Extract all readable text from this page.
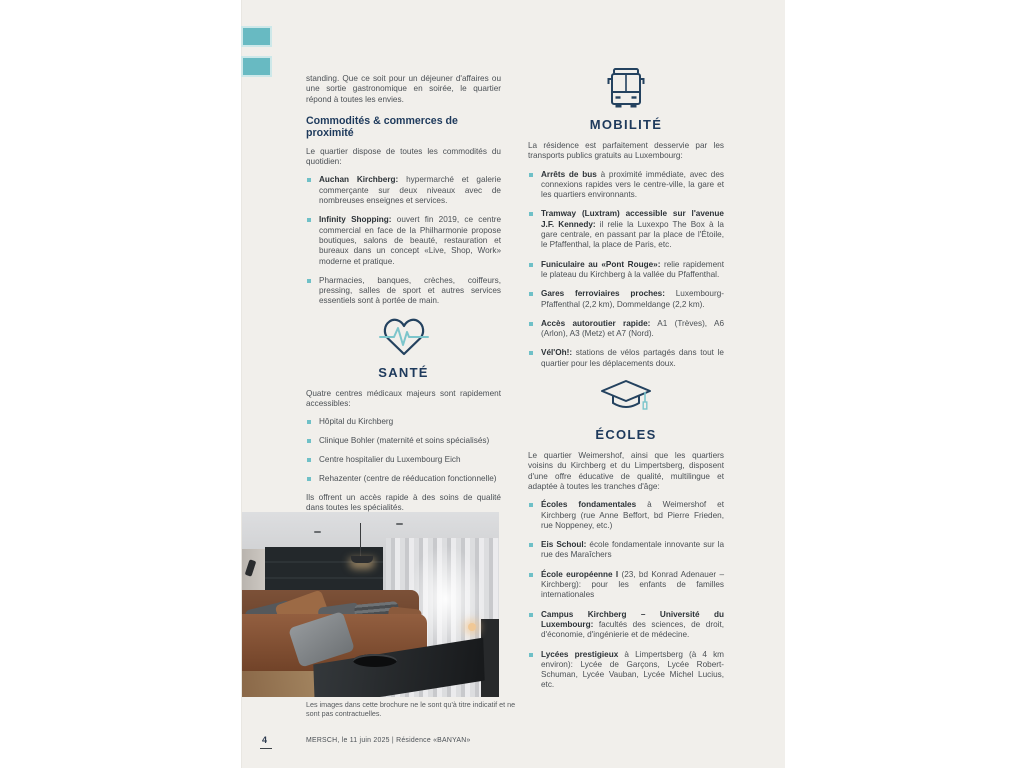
standing. Que ce soit pour un déjeuner d'affaires ou une sortie gastronomique en soirée, le quartier répond à toutes les envies.

Commodités & commerces de proximité

Le quartier dispose de toutes les commodités du quotidien:

Auchan Kirchberg: hypermarché et galerie commerçante sur deux niveaux avec de nombreuses enseignes et services.
Infinity Shopping: ouvert fin 2019, ce centre commercial en face de la Philharmonie propose boutiques, salons de beauté, restauration et bureaux dans un concept «Live, Shop, Work» moderne et pratique.
Pharmacies, banques, crèches, coiffeurs, pressing, salles de sport et autres services essentiels sont à portée de main.
SANTÉ

Quatre centres médicaux majeurs sont rapidement accessibles:

Hôpital du Kirchberg
Clinique Bohler (maternité et soins spécialisés)
Centre hospitalier du Luxembourg Eich
Rehazenter (centre de rééducation fonctionnelle)

Ils offrent un accès rapide à des soins de qualité dans toutes les spécialités.

MOBILITÉ

La résidence est parfaitement desservie par les transports publics gratuits au Luxembourg:

Arrêts de bus à proximité immédiate, avec des connexions rapides vers le centre-ville, la gare et les quartiers environnants.
Tramway (Luxtram) accessible sur l'avenue J.F. Kennedy: il relie la Luxexpo The Box à la gare centrale, en passant par la place de l'Étoile, le Pfaffenthal, la place de Paris, etc.
Funiculaire au «Pont Rouge»: relie rapidement le plateau du Kirchberg à la vallée du Pfaffenthal.
Gares ferroviaires proches: Luxembourg-Pfaffenthal (2,2 km), Dommeldange (2,2 km).
Accès autoroutier rapide: A1 (Trèves), A6 (Arlon), A3 (Metz) et A7 (Nord).
Vél'Oh!: stations de vélos partagés dans tout le quartier pour les déplacements doux.
ÉCOLES

Le quartier Weimershof, ainsi que les quartiers voisins du Kirchberg et du Limpertsberg, disposent d'une offre éducative de qualité, multilingue et adaptée à toutes les tranches d'âge:

Écoles fondamentales à Weimershof et Kirchberg (rue Anne Beffort, bd Pierre Frieden, rue Noppeney, etc.)
Eis Schoul: école fondamentale innovante sur la rue des Maraîchers
École européenne I (23, bd Konrad Adenauer – Kirchberg): pour les enfants de familles internationales
Campus Kirchberg – Université du Luxembourg: facultés des sciences, de droit, d'économie, d'ingénierie et de médecine.
Lycées prestigieux à Limpertsberg (à 4 km environ): Lycée de Garçons, Lycée Robert-Schuman, Lycée Vauban, Lycée Michel Lucius, etc.
Les images dans cette brochure ne le sont qu'à titre indicatif et ne sont pas contractuelles.
4	MERSCH, le 11 juin 2025 | Résidence «BANYAN»
